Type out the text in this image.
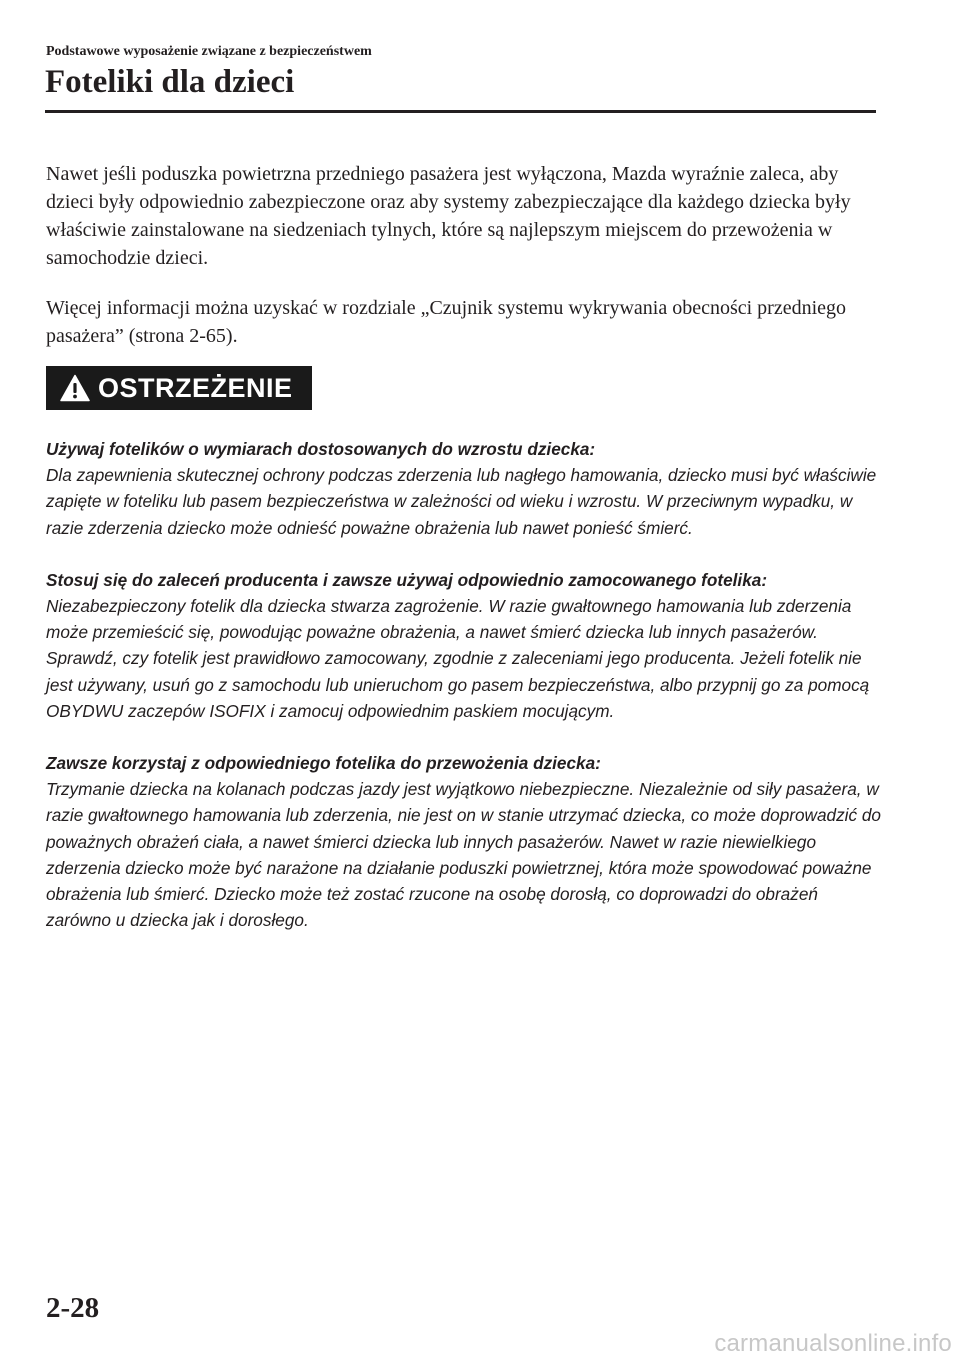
Podstawowe wyposażenie związane z bezpieczeństwem
Foteliki dla dzieci

Nawet jeśli poduszka powietrzna przedniego pasażera jest wyłączona, Mazda wyraźnie zaleca, aby dzieci były odpowiednio zabezpieczone oraz aby systemy zabezpieczające dla każdego dziecka były właściwie zainstalowane na siedzeniach tylnych, które są najlepszym miejscem do przewożenia w samochodzie dzieci.

Więcej informacji można uzyskać w rozdziale „Czujnik systemu wykrywania obecności przedniego pasażera” (strona 2-65).

OSTRZEŻENIE
Używaj fotelików o wymiarach dostosowanych do wzrostu dziecka:
Dla zapewnienia skutecznej ochrony podczas zderzenia lub nagłego hamowania, dziecko musi być właściwie zapięte w foteliku lub pasem bezpieczeństwa w zależności od wieku i wzrostu. W przeciwnym wypadku, w razie zderzenia dziecko może odnieść poważne obrażenia lub nawet ponieść śmierć.
Stosuj się do zaleceń producenta i zawsze używaj odpowiednio zamocowanego fotelika:
Niezabezpieczony fotelik dla dziecka stwarza zagrożenie. W razie gwałtownego hamowania lub zderzenia może przemieścić się, powodując poważne obrażenia, a nawet śmierć dziecka lub innych pasażerów. Sprawdź, czy fotelik jest prawidłowo zamocowany, zgodnie z zaleceniami jego producenta. Jeżeli fotelik nie jest używany, usuń go z samochodu lub unieruchom go pasem bezpieczeństwa, albo przypnij go za pomocą OBYDWU zaczepów ISOFIX i zamocuj odpowiednim paskiem mocującym.
Zawsze korzystaj z odpowiedniego fotelika do przewożenia dziecka:
Trzymanie dziecka na kolanach podczas jazdy jest wyjątkowo niebezpieczne. Niezależnie od siły pasażera, w razie gwałtownego hamowania lub zderzenia, nie jest on w stanie utrzymać dziecka, co może doprowadzić do poważnych obrażeń ciała, a nawet śmierci dziecka lub innych pasażerów. Nawet w razie niewielkiego zderzenia dziecko może być narażone na działanie poduszki powietrznej, która może spowodować poważne obrażenia lub śmierć. Dziecko może też zostać rzucone na osobę dorosłą, co doprowadzi do obrażeń zarówno u dziecka jak i dorosłego.
2-28
carmanualsonline.info
